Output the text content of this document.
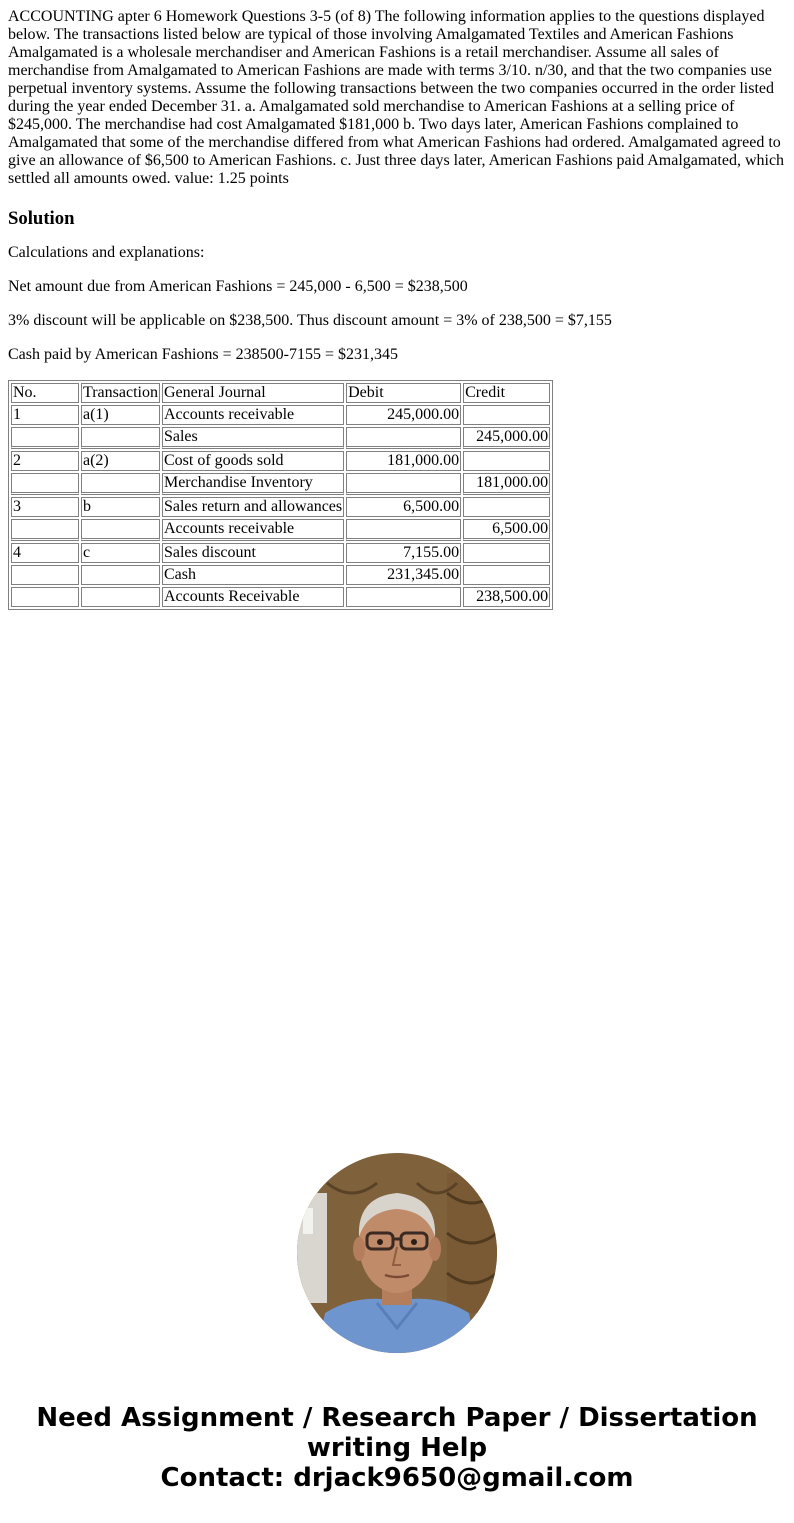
ACCOUNTING apter 6 Homework Questions 3-5 (of 8) The following information applies to the questions displayed below. The transactions listed below are typical of those involving Amalgamated Textiles and American Fashions Amalgamated is a wholesale merchandiser and American Fashions is a retail merchandiser. Assume all sales of merchandise from Amalgamated to American Fashions are made with terms 3/10. n/30, and that the two companies use perpetual inventory systems. Assume the following transactions between the two companies occurred in the order listed during the year ended December 31. a. Amalgamated sold merchandise to American Fashions at a selling price of $245,000. The merchandise had cost Amalgamated $181,000 b. Two days later, American Fashions complained to Amalgamated that some of the merchandise differed from what American Fashions had ordered. Amalgamated agreed to give an allowance of $6,500 to American Fashions. c. Just three days later, American Fashions paid Amalgamated, which settled all amounts owed. value: 1.25 points

Solution

Calculations and explanations:

Net amount due from American Fashions = 245,000 - 6,500 = $238,500

3% discount will be applicable on $238,500. Thus discount amount = 3% of 238,500 = $7,155

Cash paid by American Fashions = 238500-7155 = $231,345

No.	Transaction	General Journal	Debit	Credit
1	a(1)	Accounts receivable	245,000.00	
		Sales		245,000.00
2	a(2)	Cost of goods sold	181,000.00	
		Merchandise Inventory		181,000.00
3	b	Sales return and allowances	6,500.00	
		Accounts receivable		6,500.00
4	c	Sales discount	7,155.00	
		Cash	231,345.00	
		Accounts Receivable		238,500.00
Need Assignment / Research Paper / Dissertation
writing Help
Contact: drjack9650@gmail.com
